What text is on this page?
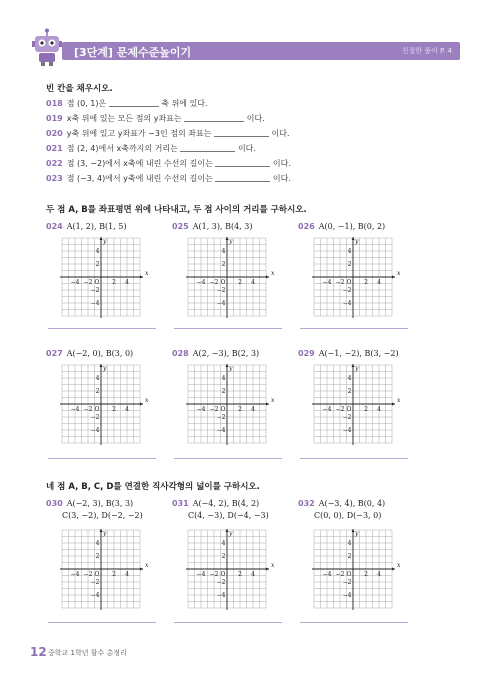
[3단계] 문제수준높이기	친절한 풀이 P. 4
빈 칸을 채우시오.
018 점 (0, 1)은	축 위에 있다.
019 x축 위에 있는 모든 점의 y좌표는	이다.
020 y축 위에 있고 y좌표가 −3인 점의 좌표는	이다.
021 점 (2, 4)에서 x축까지의 거리는	이다.
022 점 (3, −2)에서 x축에 내린 수선의 길이는	이다.
023 점 (−3, 4)에서 y축에 내린 수선의 길이는	이다.
두 점 A, B를 좌표평면 위에 나타내고, 두 점 사이의 거리를 구하시오.
네 점 A, B, C, D를 연결한 직사각형의 넓이를 구하시오.
024 A(1, 2), B(1, 5)
−4 −2 O 2 4
4
2
−2
−4
x
y
025 A(1, 3), B(4, 3)
−4 −2 O 2 4
4
2
−2
−4
x
y
026 A(0, −1), B(0, 2)
−4 −2 O 2 4
4
2
−2
−4
x
y
027 A(−2, 0), B(3, 0)
−4 −2 O 2 4
4
2
−2
−4
x
y
028 A(2, −3), B(2, 3)
−4 −2 O 2 4
4
2
−2
−4
x
y
029 A(−1, −2), B(3, −2)
−4 −2 O 2 4
4
2
−2
−4
x
y
030 A(−2, 3), B(3, 3)
C(3, −2), D(−2, −2)
−4 −2 O 2 4
4
2
−2
−4
x
y
031 A(−4, 2), B(4, 2)
C(4, −3), D(−4, −3)
−4 −2 O 2 4
4
2
−2
−4
x
y
032 A(−3, 4), B(0, 4)
C(0, 0), D(−3, 0)
−4 −2 O 2 4
4
2
−2
−4
x
y
12 중학교 1학년 함수 총정리
